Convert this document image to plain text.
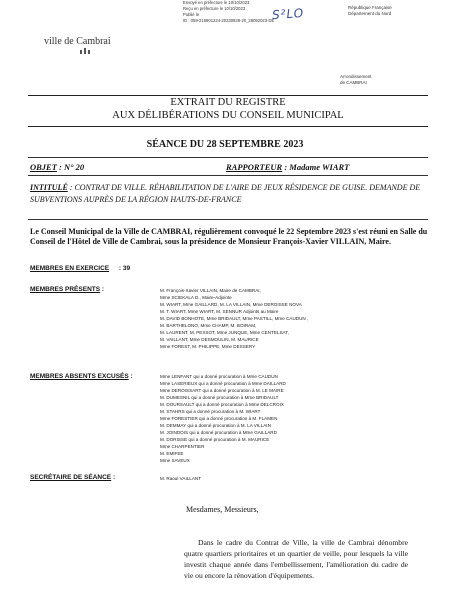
Envoyé en préfecture le 10/10/2023
Reçu en préfecture le 10/10/2023
Publié le
ID : 059-215901224-20230928-20_28092023-DE
S²LO	République Française
Département du Nord
ville de Cambrai
Arrondissement
de CAMBRAI
EXTRAIT DU REGISTRE
AUX DÉLIBÉRATIONS DU CONSEIL MUNICIPAL
SÉANCE DU 28 SEPTEMBRE 2023
OBJET : N° 20	RAPPORTEUR : Madame WIART
INTITULÉ : CONTRAT DE VILLE. RÉHABILITATION DE L'AIRE DE JEUX RÉSIDENCE DE GUISE. DEMANDE DE SUBVENTIONS AUPRÈS DE LA RÉGION HAUTS-DE-FRANCE
Le Conseil Municipal de la Ville de CAMBRAI, régulièrement convoqué le 22 Septembre 2023 s'est réuni en Salle du Conseil de l'Hôtel de Ville de Cambrai, sous la présidence de Monsieur François-Xavier VILLAIN, Maire.
MEMBRES EN EXERCICE : 39
MEMBRES PRÉSENTS :	M. François-Xavier VILLAIN, Maire de CAMBRAI,
Mme SCIEKALA D., Maire-Adjointe
M. WIART, Mme GAILLARD, M. LA VILLAIN, Mme DEROISSE NOVA
M. T. WIART, Mme WIART, M. SENNUR Adjoints au Maire
M. DAVID BONHOTE, Mme BRIDAULT, Mme PASTILL, Mme CAUDUN ,
M. BARTHELONO, Mme CHAMP, M. BOIRAM,
M. LAURENT, M. PEXSOT, Mme JUNQUE, Mme CENTELSAT,
M. VAILLANT, Mme DESMOULIN, M. MAURICE
Mme FOREST, M. PHILIPPE, Mme DESSERY
MEMBRES ABSENTS EXCUSÉS :	Mme LENFANT qui a donné procuration à Mme CAUDUN
Mme LASERIEUX qui a donné procuration à Mme DAILLARD
Mme DEROISSART qui a donné procuration à M. LE MAIRE
M. DUMESNIL qui a donné procuration à Mme BRIDAULT
M. DOURSAULT qui a donné procuration à Mme DELCROIX
M. STAHRS qui a donné procuration à M. WIART
Mme FORESTIER qui a donné procuration à M. FLAMEN
M. DEMMAY qui a donné procuration à M. LA VILLAIN
M. JOINDOIS qui a donné procuration à Mme GAILLARD
M. DORISSE qui a donné procuration à M. MAURICE
Mme CHARPENTIER
M. EMIFEE
Mme SAVEUX
SECRÉTAIRE DE SÉANCE :	M. Raoul VAILLANT
Mesdames, Messieurs,
Dans le cadre du Contrat de Ville, la ville de Cambrai dénombre quatre quartiers prioritaires et un quartier de veille, pour lesquels la ville investit chaque année dans l'embellissement, l'amélioration du cadre de vie ou encore la rénovation d'équipements.
